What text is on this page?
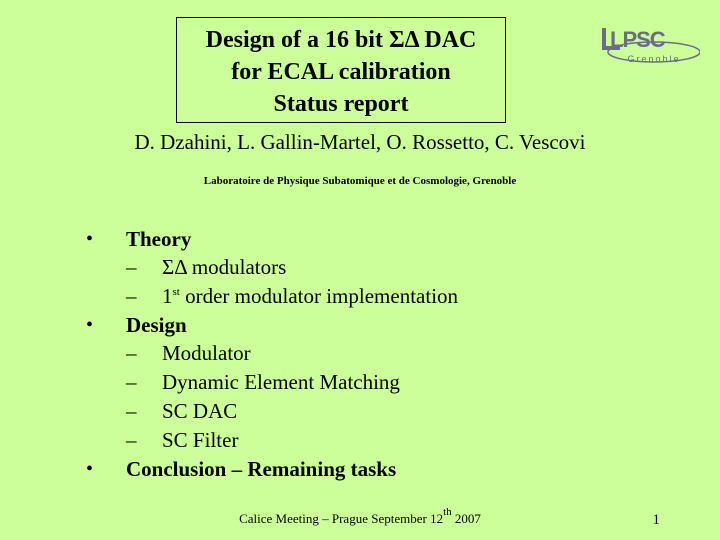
Design of a 16 bit ΣΔ DAC
for ECAL calibration
Status report
LPSC
Grenoble
D. Dzahini, L. Gallin-Martel, O. Rossetto, C. Vescovi
Laboratoire de Physique Subatomique et de Cosmologie, Grenoble
• Theory
– ΣΔ modulators
– 1st order modulator implementation
• Design
– Modulator
– Dynamic Element Matching
– SC DAC
– SC Filter
• Conclusion – Remaining tasks
Calice Meeting – Prague September 12th 2007	1
